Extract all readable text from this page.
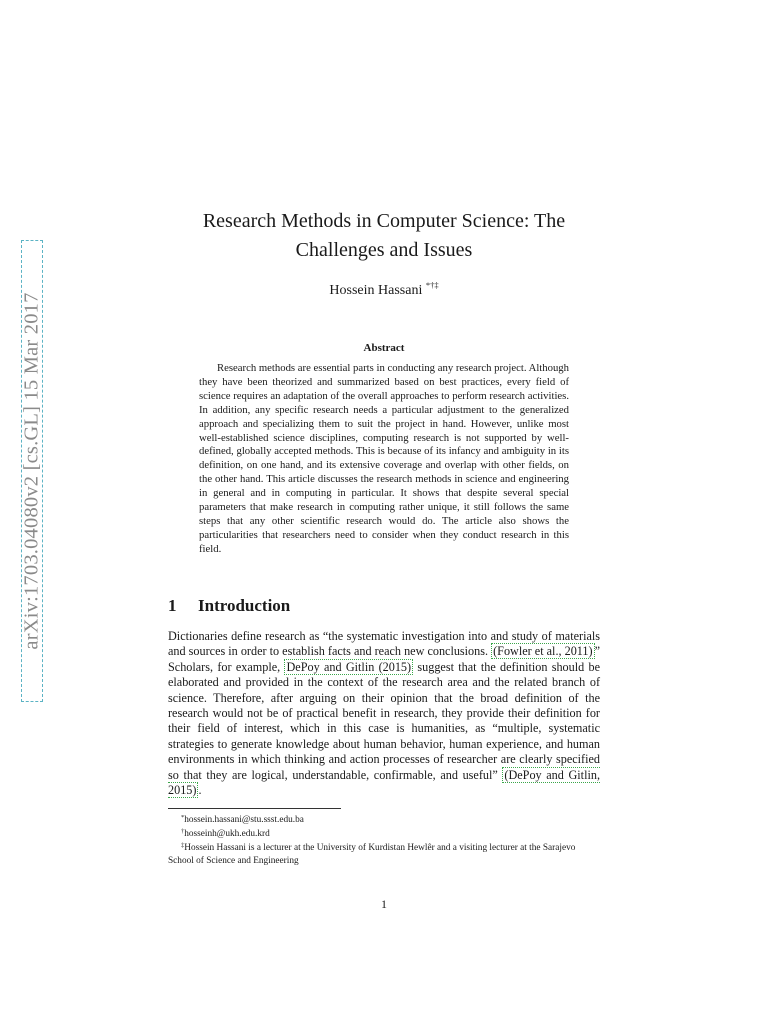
arXiv:1703.04080v2 [cs.GL] 15 Mar 2017
Research Methods in Computer Science: The
Challenges and Issues
Hossein Hassani *†‡
Abstract

Research methods are essential parts in conducting any research project. Although they have been theorized and summarized based on best practices, every field of science requires an adaptation of the overall approaches to perform research activities. In addition, any specific research needs a particular adjustment to the generalized approach and specializing them to suit the project in hand. However, unlike most well-established science disciplines, computing research is not supported by well-defined, globally accepted methods. This is because of its infancy and ambiguity in its definition, on one hand, and its extensive coverage and overlap with other fields, on the other hand. This article discusses the research methods in science and engineering in general and in computing in particular. It shows that despite several special parameters that make research in computing rather unique, it still follows the same steps that any other scientific research would do. The article also shows the particularities that researchers need to consider when they conduct research in this field.

1 Introduction

Dictionaries define research as “the systematic investigation into and study of materials and sources in order to establish facts and reach new conclusions. (Fowler et al., 2011) ” Scholars, for example, DePoy and Gitlin (2015) suggest that the definition should be elaborated and provided in the context of the research area and the related branch of science. Therefore, after arguing on their opinion that the broad definition of the research would not be of practical benefit in research, they provide their definition for their field of interest, which in this case is humanities, as “multiple, systematic strategies to generate knowledge about human behavior, human experience, and human environments in which thinking and action processes of researcher are clearly specified so that they are logical, understandable, confirmable, and useful” (DePoy and Gitlin, 2015) .

*hossein.hassani@stu.ssst.edu.ba
†hosseinh@ukh.edu.krd
‡Hossein Hassani is a lecturer at the University of Kurdistan Hewlêr and a visiting lecturer at the Sarajevo School of Science and Engineering
1
